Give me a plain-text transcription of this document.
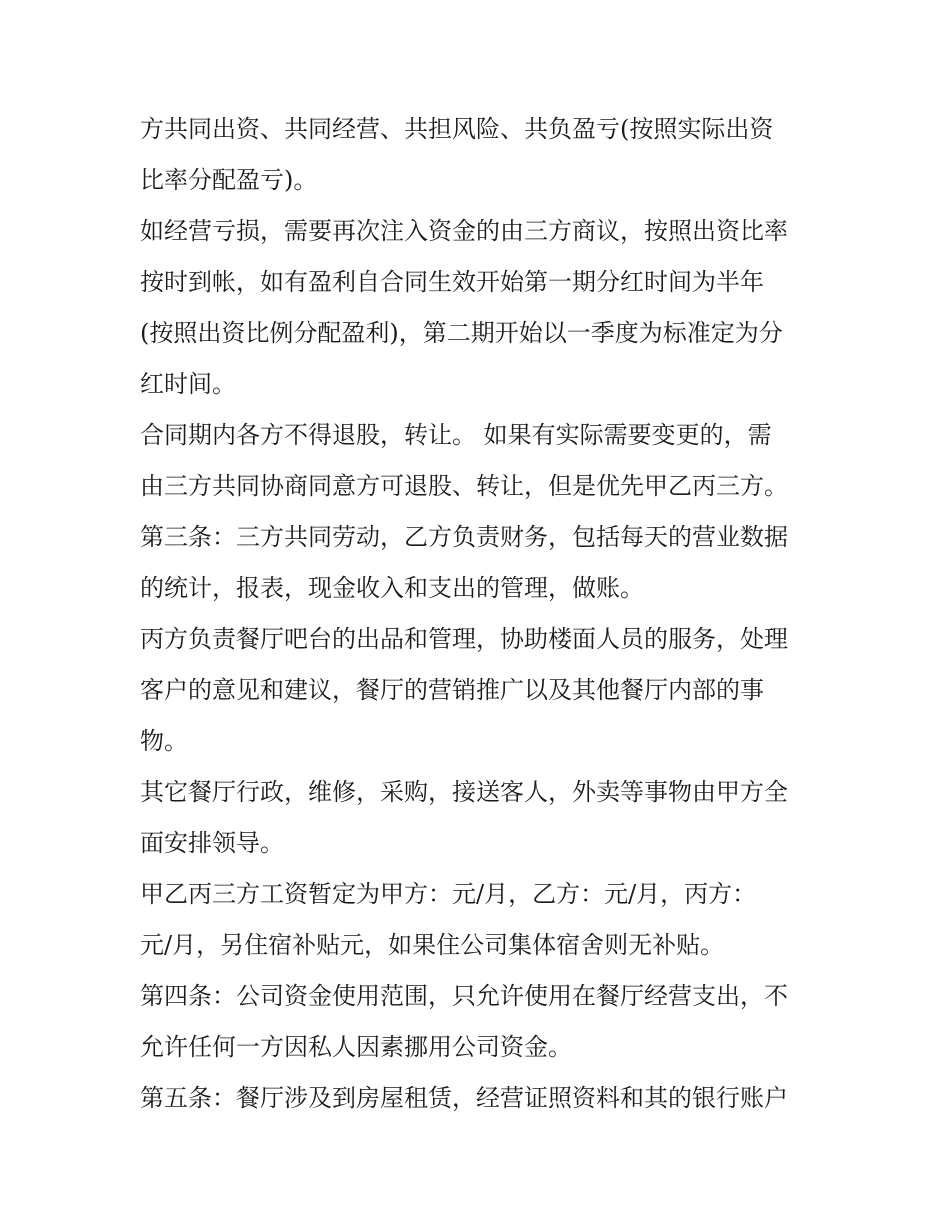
方共同出资、共同经营、共担风险、共负盈亏(按照实际出资
比率分配盈亏)。
如经营亏损，需要再次注入资金的由三方商议，按照出资比率
按时到帐，如有盈利自合同生效开始第一期分红时间为半年
(按照出资比例分配盈利)，第二期开始以一季度为标准定为分
红时间。
合同期内各方不得退股，转让。 如果有实际需要变更的，需
由三方共同协商同意方可退股、转让，但是优先甲乙丙三方。
第三条：三方共同劳动，乙方负责财务，包括每天的营业数据
的统计，报表，现金收入和支出的管理，做账。
丙方负责餐厅吧台的出品和管理，协助楼面人员的服务，处理
客户的意见和建议，餐厅的营销推广以及其他餐厅内部的事
物。
其它餐厅行政，维修，采购，接送客人，外卖等事物由甲方全
面安排领导。
甲乙丙三方工资暂定为甲方：元/月，乙方：元/月，丙方：
元/月，另住宿补贴元，如果住公司集体宿舍则无补贴。
第四条：公司资金使用范围，只允许使用在餐厅经营支出，不
允许任何一方因私人因素挪用公司资金。
第五条：餐厅涉及到房屋租赁，经营证照资料和其的银行账户
